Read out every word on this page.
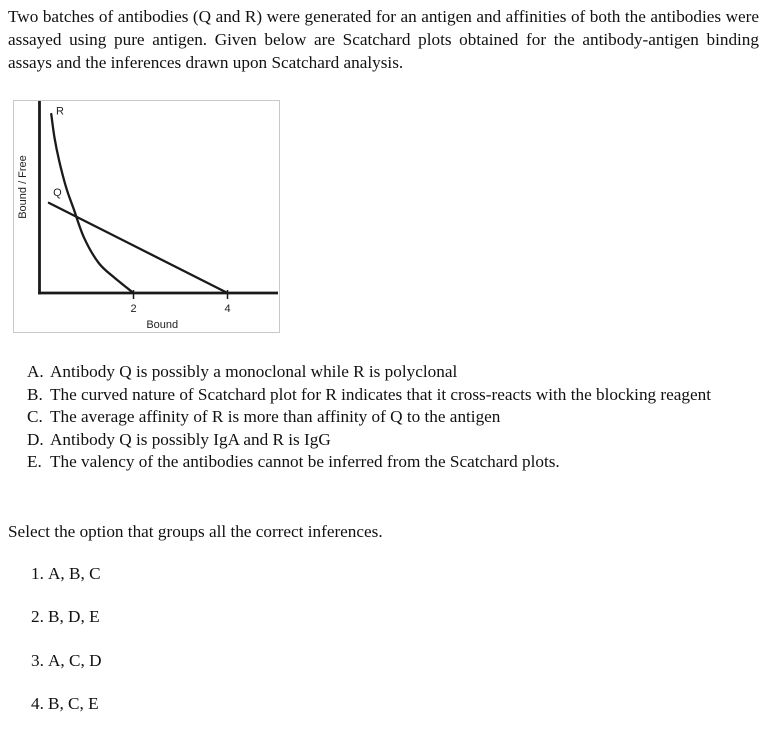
Two batches of antibodies (Q and R) were generated for an antigen and affinities of both the antibodies were assayed using pure antigen. Given below are Scatchard plots obtained for the antibody-antigen binding assays and the inferences drawn upon Scatchard analysis.
2	4
Bound
Bound / Free
R
Q
A. Antibody Q is possibly a monoclonal while R is polyclonal
B. The curved nature of Scatchard plot for R indicates that it cross-reacts with the blocking reagent
C. The average affinity of R is more than affinity of Q to the antigen
D. Antibody Q is possibly IgA and R is IgG
E. The valency of the antibodies cannot be inferred from the Scatchard plots.
Select the option that groups all the correct inferences.
1. A, B, C
2. B, D, E
3. A, C, D
4. B, C, E
